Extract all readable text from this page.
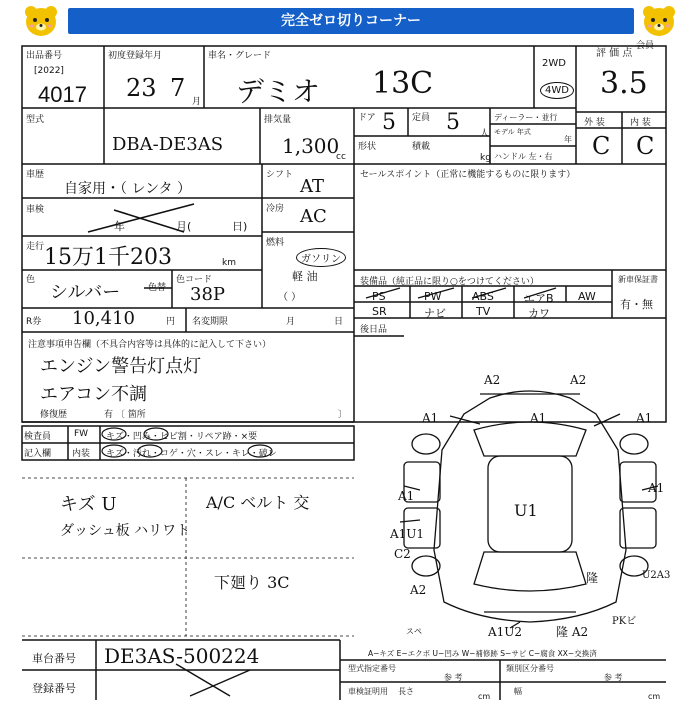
完全ゼロ切りコーナー
会員
出品番号
[2022]
4017
初度登録年月
23 7 月
車名・グレード
デミオ 13C
2WD
4WD
評 価 点
3.5
外 装	内 装
C C
型式
DBA-DE3AS
排気量
1,300
cc
ドア 5 定員 5 人
形状	積載
kg
ディーラー・並行
モデル 年式
年
ハンドル 左・右
車歴
自家用・（ レンタ ）
車検
年	月(	日)
走行 15万1千203	km
色
シルバー	色替
色コード
38P
R券 10,410	円 名変期限	月	日
シフト
AT
冷房 AC
燃料
ガソリン
軽 油
（ ）
セールスポイント（正常に機能するものに限ります）
装備品（純正品に限り○をつけてください）
PS	PW	ABS	エアB AW
SR	ナビ	TV	カワ
新車保証書
有・無
後日品
注意事項申告欄（不具合内容等は具体的に記入して下さい）
エンジン警告灯点灯
エアコン不調
修復歴	有 〔 箇所	〕
検査員
記入欄
FW キズ・凹み・ヒビ割・リペア跡・×要
内装 キズ・汚れ・コゲ・穴・スレ・キレ・破レ
キズ U
ダッシュ板 ハリワト
A/C ベルト 交
下廻り 3C
A2	A2
A1	A1	A1
A1
A1
A1U1
C2
U1
A2
隆	U2A3
A1U2	隆 A2
PKビ
スペ
A−キズ E−エクボ U−凹み W−補修跡 S−サビ C−腐食 XX−交換済
型式指定番号
参 考
類別区分番号
参 考
長さ
cm
幅
cm
車台番号 DE3AS-500224
登録番号	車検証明用
